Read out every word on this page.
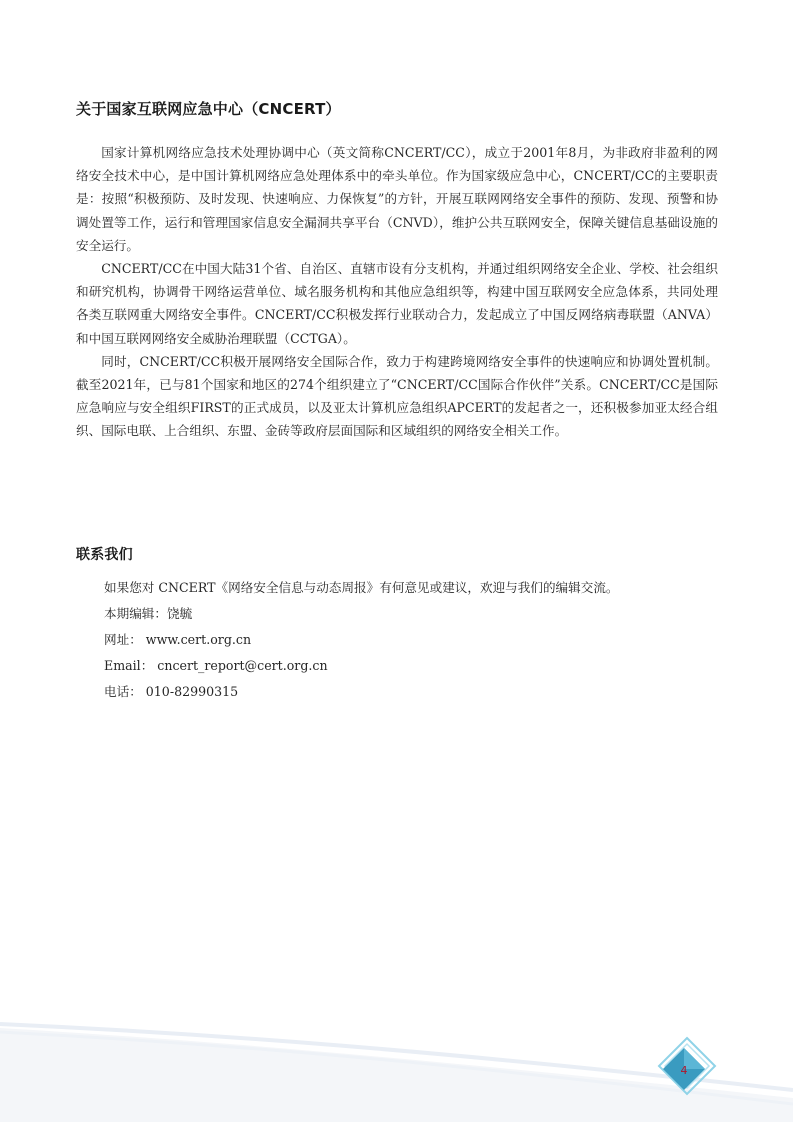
关于国家互联网应急中心（CNCERT）

国家计算机网络应急技术处理协调中心（英文简称CNCERT/CC），成立于2001年8月，为非政府非盈利的网络安全技术中心，是中国计算机网络应急处理体系中的牵头单位。作为国家级应急中心，CNCERT/CC的主要职责是：按照“积极预防、及时发现、快速响应、力保恢复”的方针，开展互联网网络安全事件的预防、发现、预警和协调处置等工作，运行和管理国家信息安全漏洞共享平台（CNVD），维护公共互联网安全，保障关键信息基础设施的安全运行。

CNCERT/CC在中国大陆31个省、自治区、直辖市设有分支机构，并通过组织网络安全企业、学校、社会组织和研究机构，协调骨干网络运营单位、域名服务机构和其他应急组织等，构建中国互联网安全应急体系，共同处理各类互联网重大网络安全事件。CNCERT/CC积极发挥行业联动合力，发起成立了中国反网络病毒联盟（ANVA）和中国互联网网络安全威胁治理联盟（CCTGA）。

同时，CNCERT/CC积极开展网络安全国际合作，致力于构建跨境网络安全事件的快速响应和协调处置机制。截至2021年，已与81个国家和地区的274个组织建立了“CNCERT/CC国际合作伙伴”关系。CNCERT/CC是国际应急响应与安全组织FIRST的正式成员，以及亚太计算机应急组织APCERT的发起者之一，还积极参加亚太经合组织、国际电联、上合组织、东盟、金砖等政府层面国际和区域组织的网络安全相关工作。

联系我们
如果您对 CNCERT《网络安全信息与动态周报》有何意见或建议，欢迎与我们的编辑交流。
本期编辑：饶毓
网址： www.cert.org.cn
Email： cncert_report@cert.org.cn
电话： 010-82990315
4
